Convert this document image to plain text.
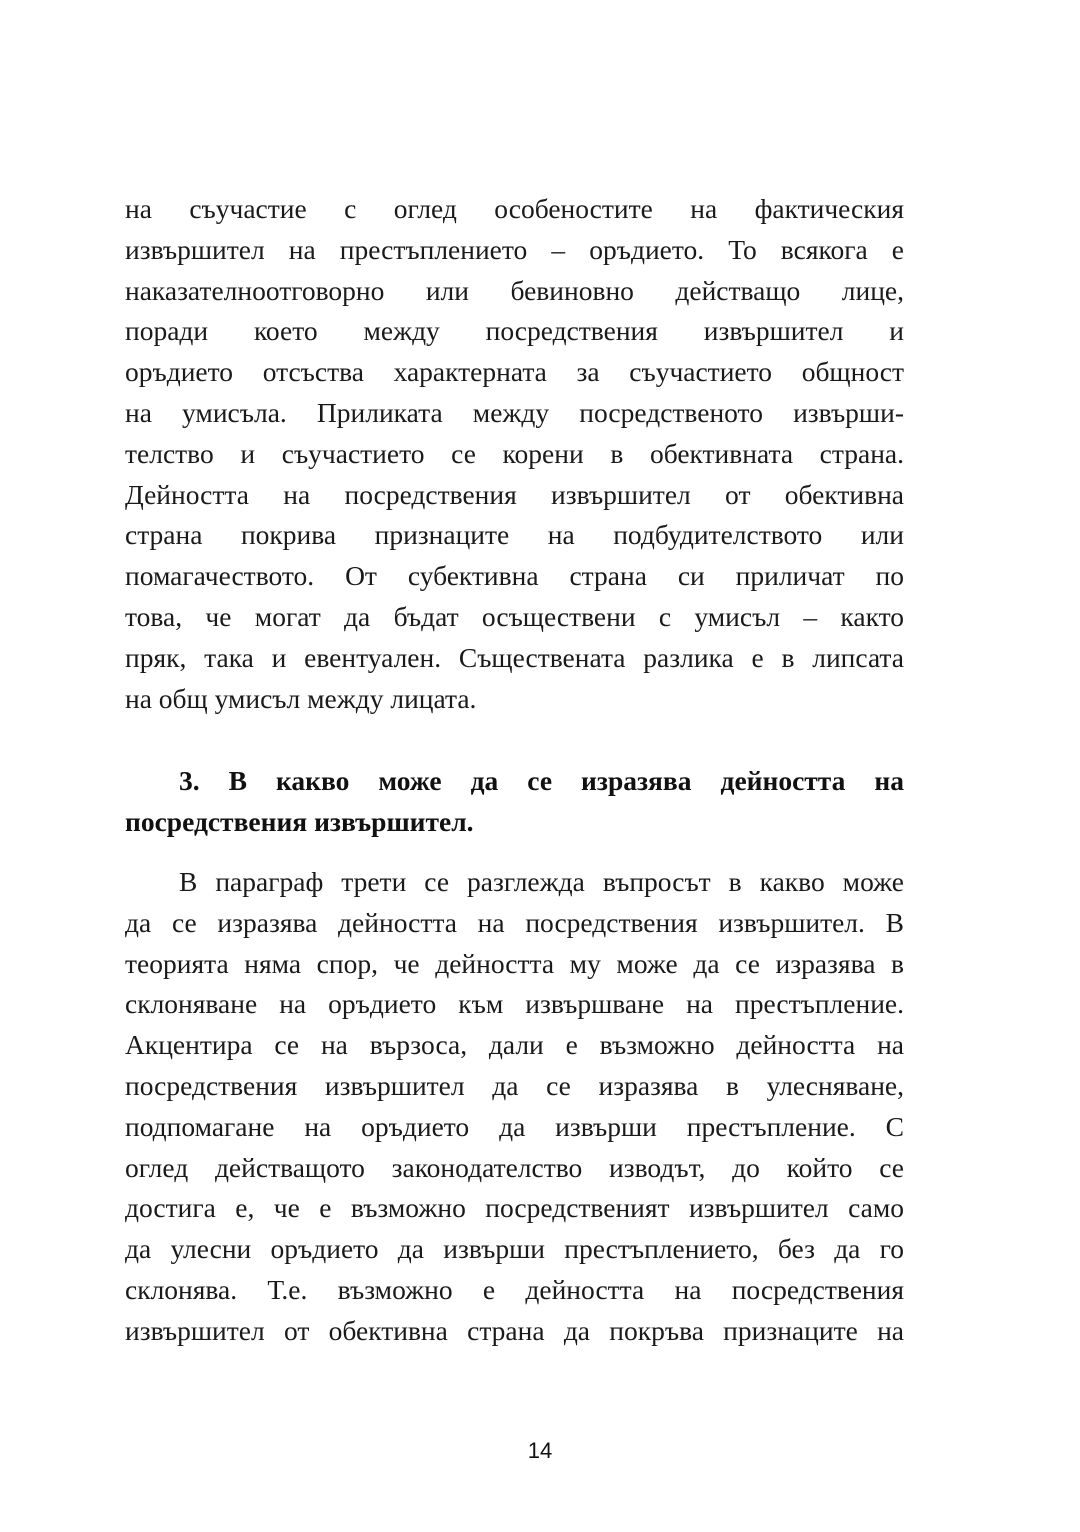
на съучастие с оглед особеностите на фактическия
извършител на престъплението – оръдието. То всякога е
наказателноотговорно или бевиновно действащо лице,
поради което между посредствения извършител и
оръдието отсъства характерната за съучастието общност
на умисъла. Приликата между посредственото извърши-
телство и съучастието се корени в обективната страна.
Дейността на посредствения извършител от обективна
страна покрива признаците на подбудителството или
помагачеството. От субективна страна си приличат по
това, че могат да бъдат осъществени с умисъл – както
пряк, така и евентуален. Съществената разлика е в липсата
на общ умисъл между лицата.
3. В какво може да се изразява дейността на
посредствения извършител.
В параграф трети се разглежда въпросът в какво може
да се изразява дейността на посредствения извършител. В
теорията няма спор, че дейността му може да се изразява в
склоняване на оръдието към извършване на престъпление.
Акцентира се на вързоса, дали е възможно дейността на
посредствения извършител да се изразява в улесняване,
подпомагане на оръдието да извърши престъпление. С
оглед действащото законодателство изводът, до който се
достига е, че е възможно посредственият извършител само
да улесни оръдието да извърши престъплението, без да го
склонява. Т.е. възможно е дейността на посредствения
извършител от обективна страна да покръва признаците на
14
